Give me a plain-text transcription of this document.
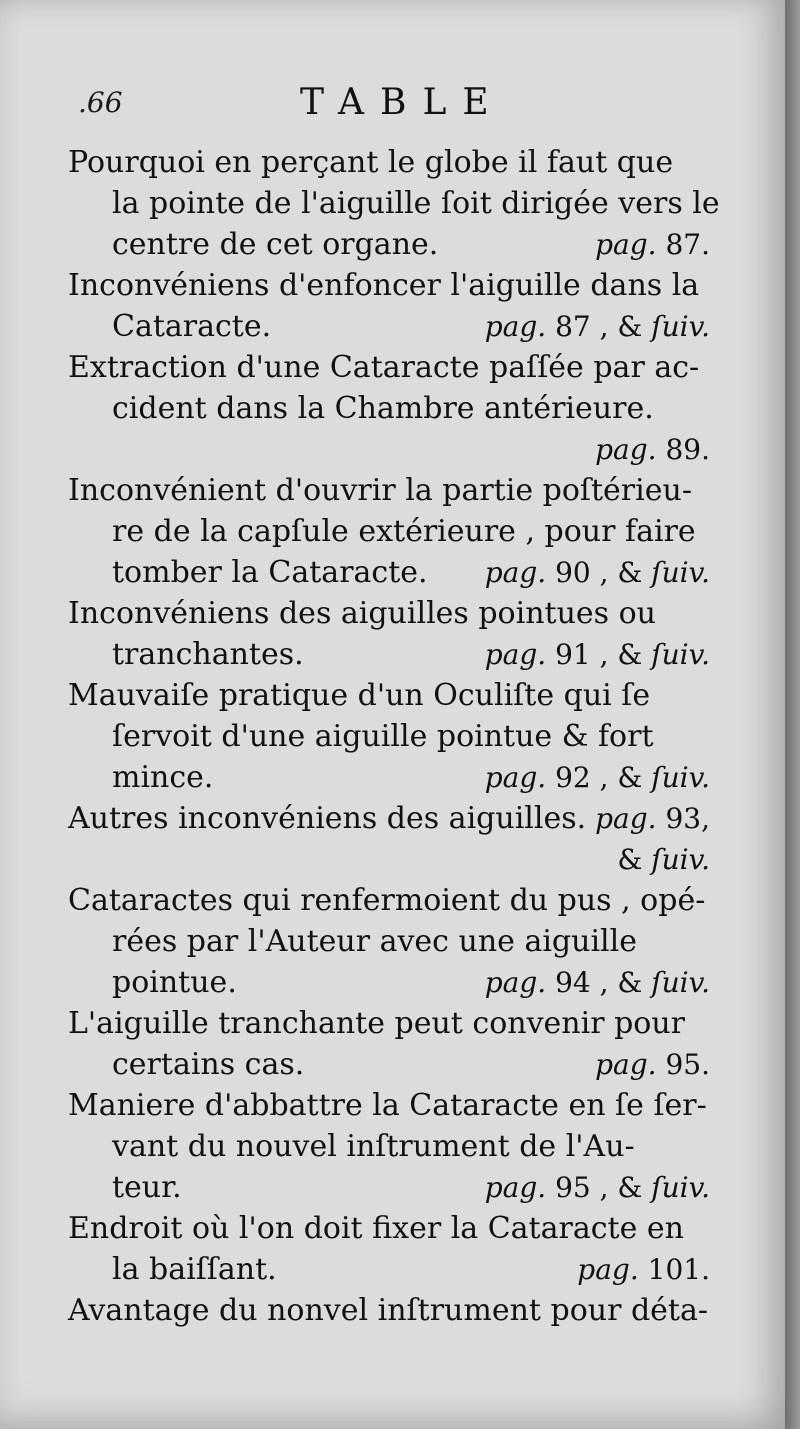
.66	TABLE
Pourquoi en perçant le globe il faut que
la pointe de l'aiguille ſoit dirigée vers le
centre de cet organe.	pag. 87.
Inconvéniens d'enfoncer l'aiguille dans la
Cataracte.	pag. 87 , & ſuiv.
Extraction d'une Cataracte paſſée par ac-
cident dans la Chambre antérieure.
pag. 89.
Inconvénient d'ouvrir la partie poſtérieu-
re de la capſule extérieure , pour faire
tomber la Cataracte. pag. 90 , & ſuiv.
Inconvéniens des aiguilles pointues ou
tranchantes.	pag. 91 , & ſuiv.
Mauvaiſe pratique d'un Oculiſte qui ſe
ſervoit d'une aiguille pointue & fort
mince.	pag. 92 , & ſuiv.
Autres inconvéniens des aiguilles. pag. 93,
& ſuiv.
Cataractes qui renfermoient du pus , opé-
rées par l'Auteur avec une aiguille
pointue.	pag. 94 , & ſuiv.
L'aiguille tranchante peut convenir pour
certains cas.	pag. 95.
Maniere d'abbattre la Cataracte en ſe ſer-
vant du nouvel inſtrument de l'Au-
teur.	pag. 95 , & ſuiv.
Endroit où l'on doit fixer la Cataracte en
la baiſſant.	pag. 101.
Avantage du nonvel inſtrument pour déta-
